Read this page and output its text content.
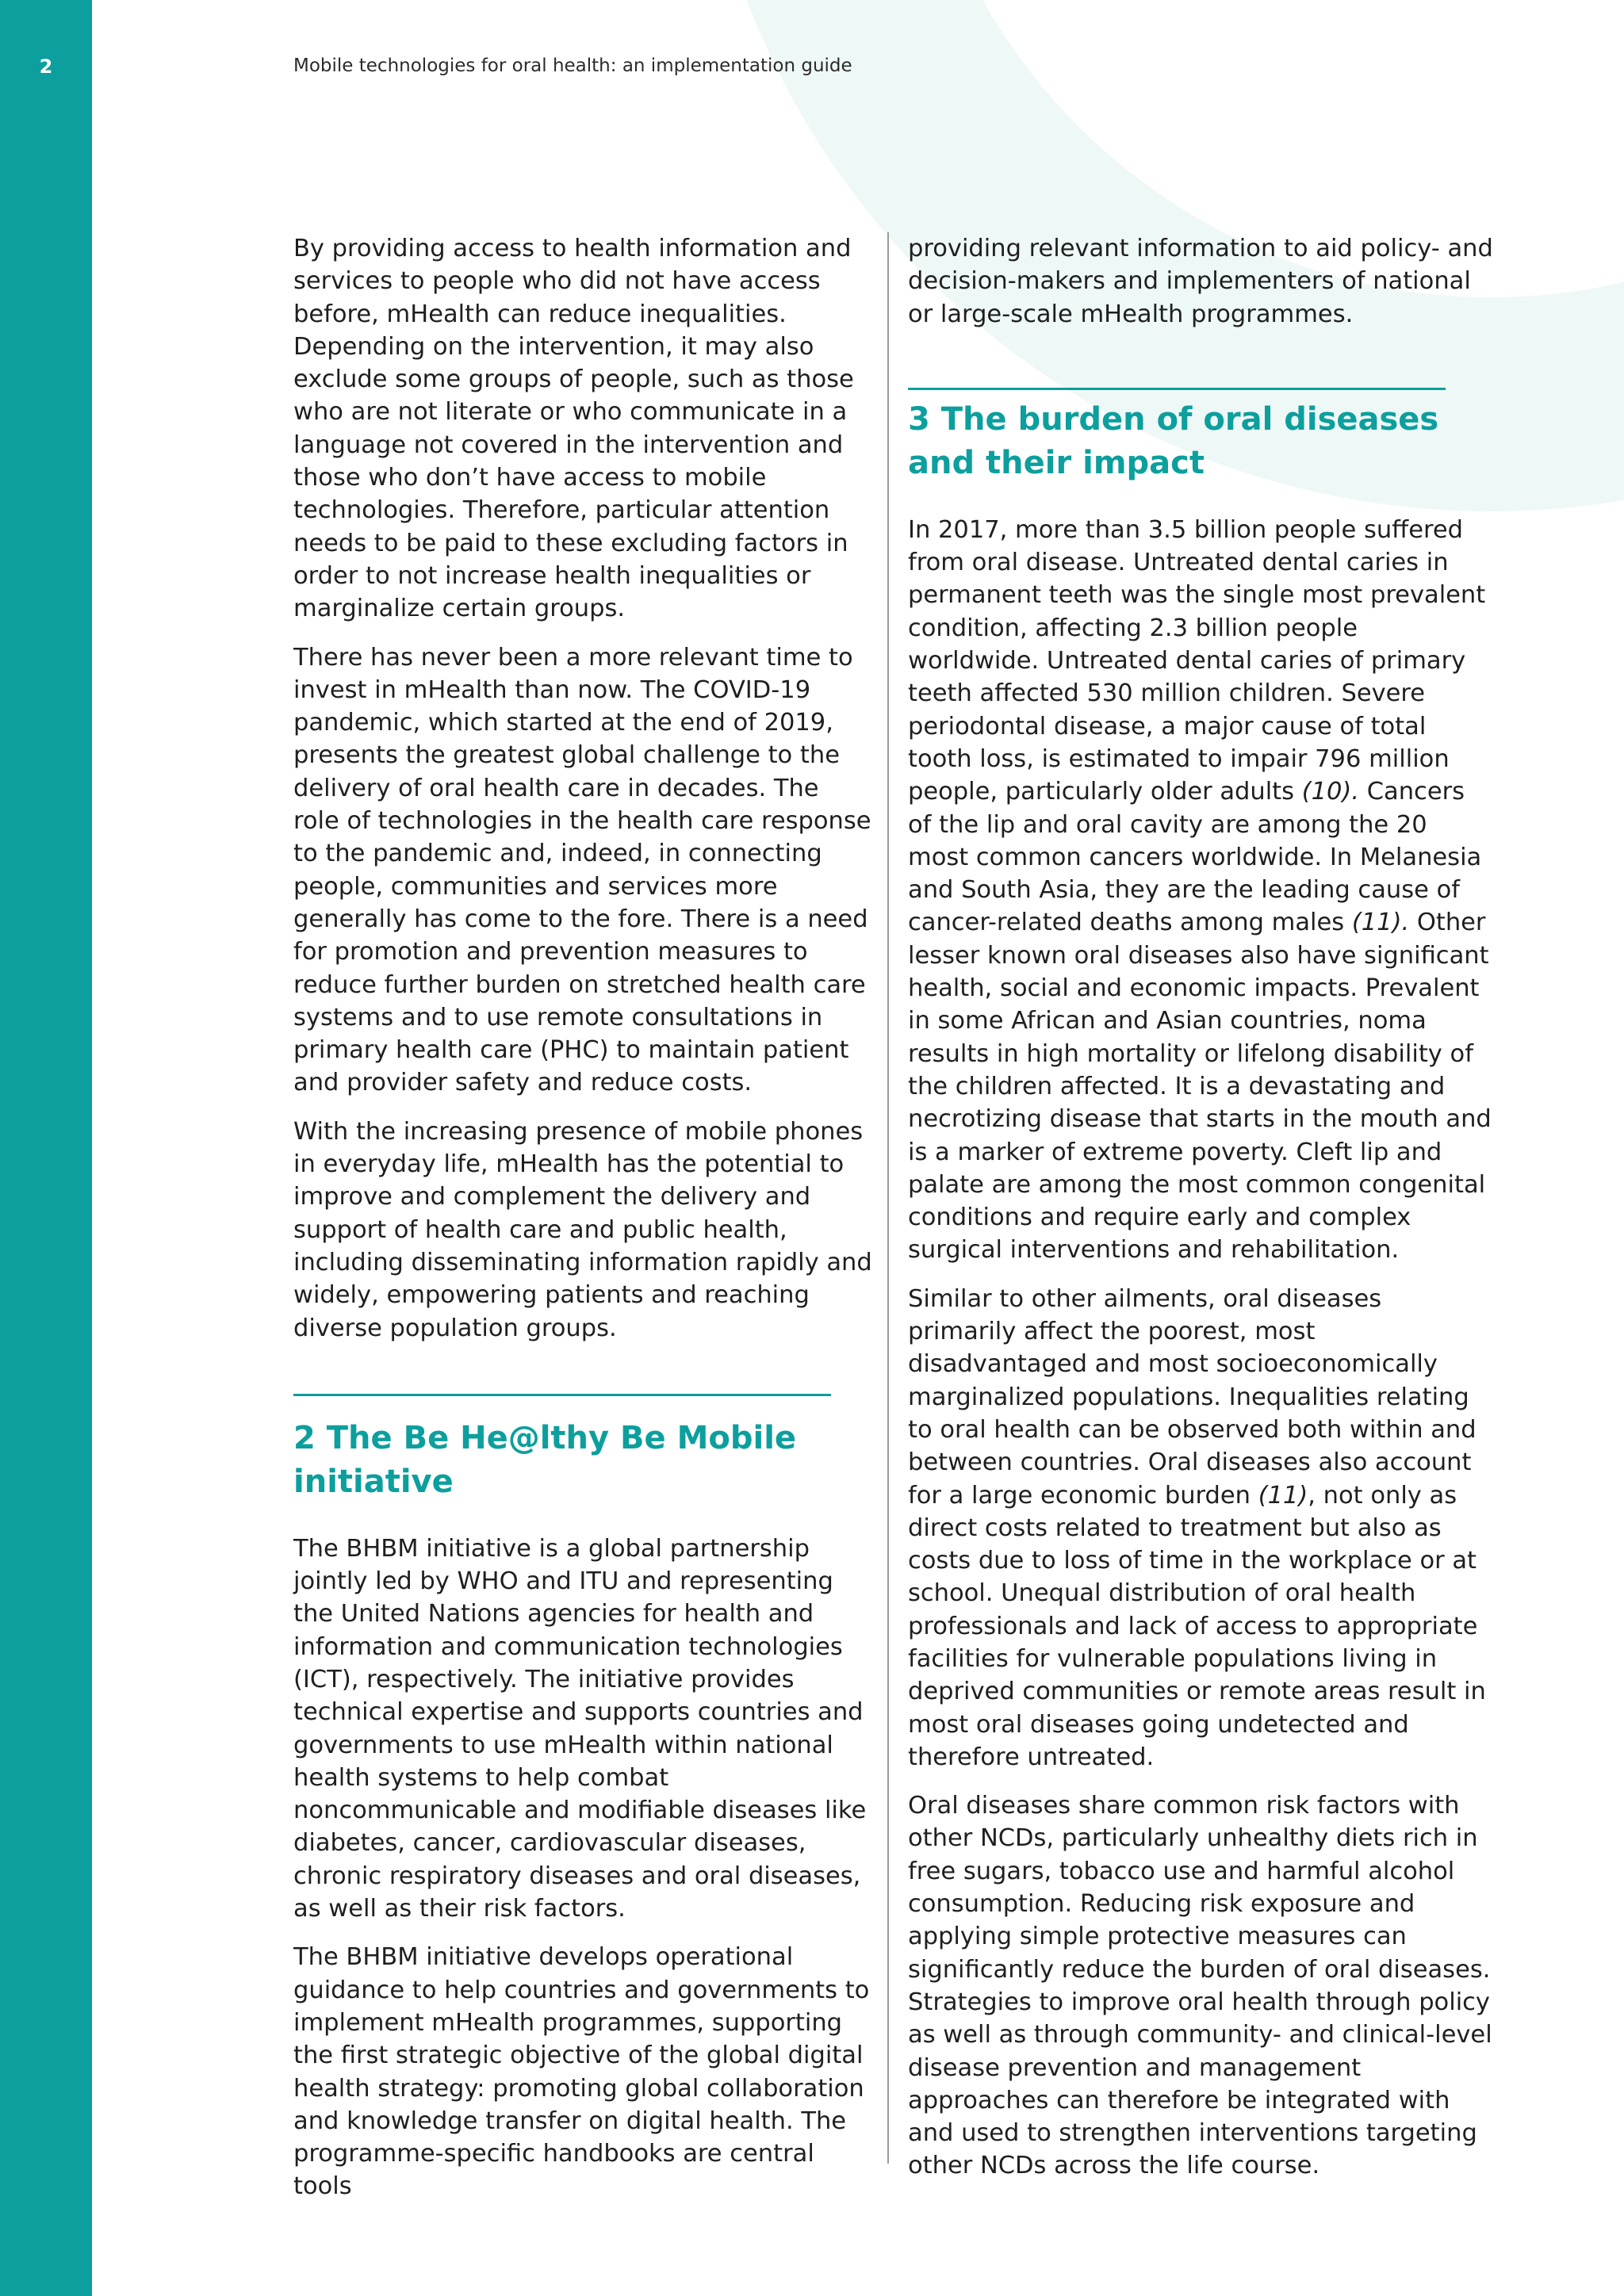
2	Mobile technologies for oral health: an implementation guide

By providing access to health information and services to people who did not have access before, mHealth can reduce inequalities. Depending on the intervention, it may also exclude some groups of people, such as those who are not literate or who communicate in a language not covered in the intervention and those who don’t have access to mobile technologies. Therefore, particular attention needs to be paid to these excluding factors in order to not increase health inequalities or marginalize certain groups.

There has never been a more relevant time to invest in mHealth than now. The COVID-19 pandemic, which started at the end of 2019, presents the greatest global challenge to the delivery of oral health care in decades. The role of technologies in the health care response to the pandemic and, indeed, in connecting people, communities and services more generally has come to the fore. There is a need for promotion and prevention measures to reduce further burden on stretched health care systems and to use remote consultations in primary health care (PHC) to maintain patient and provider safety and reduce costs.

With the increasing presence of mobile phones in everyday life, mHealth has the potential to improve and complement the delivery and support of health care and public health, including disseminating information rapidly and widely, empowering patients and reaching diverse population groups.

2 The Be He@lthy Be Mobile
initiative

The BHBM initiative is a global partnership jointly led by WHO and ITU and representing the United Nations agencies for health and information and communication technologies (ICT), respectively. The initiative provides technical expertise and supports countries and governments to use mHealth within national health systems to help combat noncommunicable and modifiable diseases like diabetes, cancer, cardiovascular diseases, chronic respiratory diseases and oral diseases, as well as their risk factors.

The BHBM initiative develops operational guidance to help countries and governments to implement mHealth programmes, supporting the first strategic objective of the global digital health strategy: promoting global collaboration and knowledge transfer on digital health. The programme-specific handbooks are central tools

providing relevant information to aid policy- and decision-makers and implementers of national or large-scale mHealth programmes.

3 The burden of oral diseases
and their impact

In 2017, more than 3.5 billion people suffered from oral disease. Untreated dental caries in permanent teeth was the single most prevalent condition, affecting 2.3 billion people worldwide. Untreated dental caries of primary teeth affected 530 million children. Severe periodontal disease, a major cause of total tooth loss, is estimated to impair 796 million people, particularly older adults (10). Cancers of the lip and oral cavity are among the 20 most common cancers worldwide. In Melanesia and South Asia, they are the leading cause of cancer-related deaths among males (11). Other lesser known oral diseases also have significant health, social and economic impacts. Prevalent in some African and Asian countries, noma results in high mortality or lifelong disability of the children affected. It is a devastating and necrotizing disease that starts in the mouth and is a marker of extreme poverty. Cleft lip and palate are among the most common congenital conditions and require early and complex surgical interventions and rehabilitation.

Similar to other ailments, oral diseases primarily affect the poorest, most disadvantaged and most socioeconomically marginalized populations. Inequalities relating to oral health can be observed both within and between countries. Oral diseases also account for a large economic burden (11), not only as direct costs related to treatment but also as costs due to loss of time in the workplace or at school. Unequal distribution of oral health professionals and lack of access to appropriate facilities for vulnerable populations living in deprived communities or remote areas result in most oral diseases going undetected and therefore untreated.

Oral diseases share common risk factors with other NCDs, particularly unhealthy diets rich in free sugars, tobacco use and harmful alcohol consumption. Reducing risk exposure and applying simple protective measures can significantly reduce the burden of oral diseases. Strategies to improve oral health through policy as well as through community- and clinical-level disease prevention and management approaches can therefore be integrated with and used to strengthen interventions targeting other NCDs across the life course.
